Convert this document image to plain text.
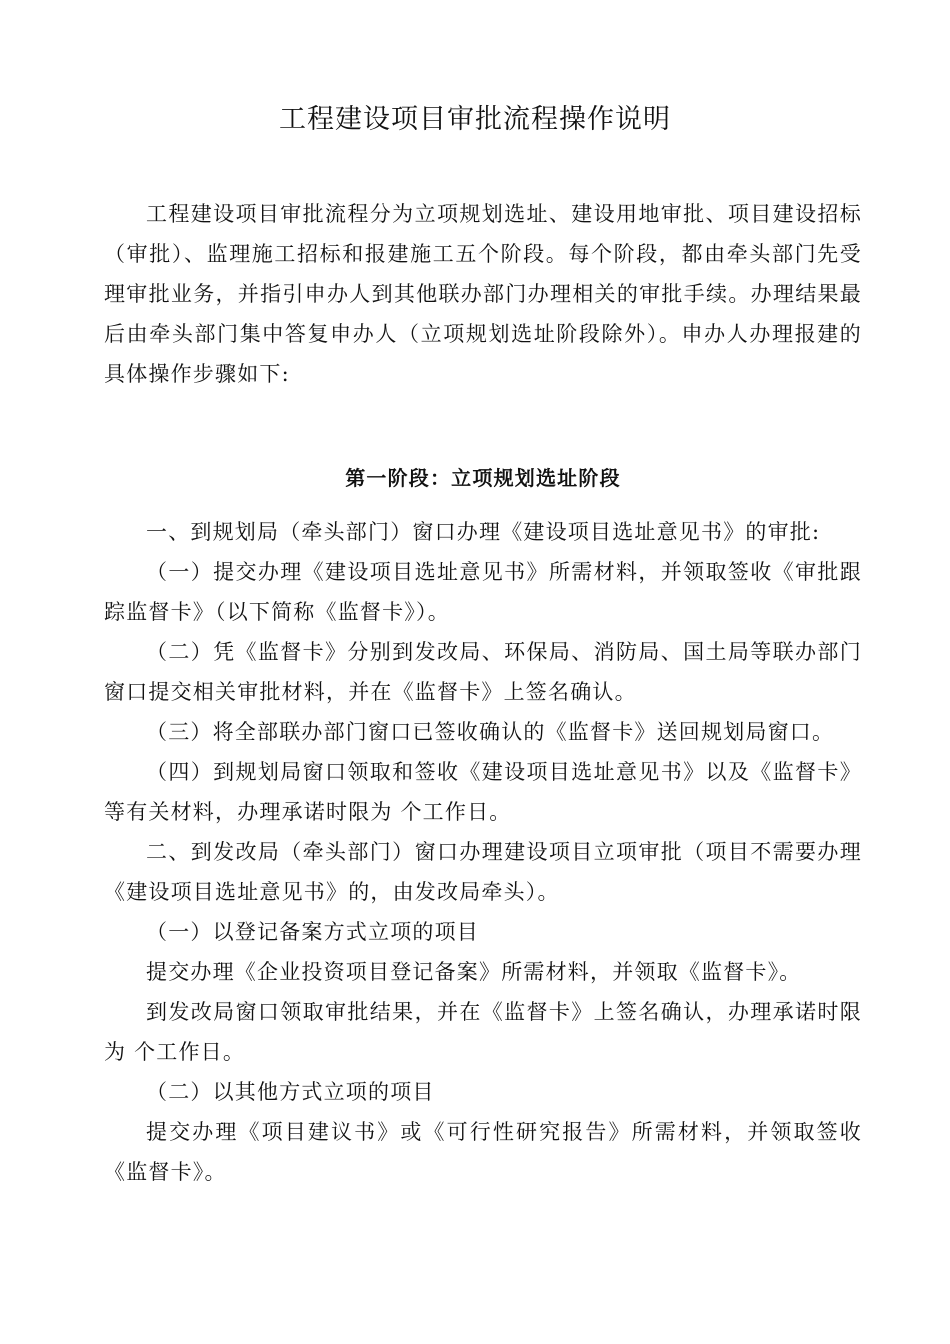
工程建设项目审批流程操作说明

工程建设项目审批流程分为立项规划选址、建设用地审批、项目建设招标（审批）、监理施工招标和报建施工五个阶段。每个阶段，都由牵头部门先受理审批业务，并指引申办人到其他联办部门办理相关的审批手续。办理结果最后由牵头部门集中答复申办人（立项规划选址阶段除外）。申办人办理报建的具体操作步骤如下:

第一阶段：立项规划选址阶段

一、到规划局（牵头部门）窗口办理《建设项目选址意见书》的审批:

（一）提交办理《建设项目选址意见书》所需材料，并领取签收《审批跟踪监督卡》（以下简称《监督卡》）。

（二）凭《监督卡》分别到发改局、环保局、消防局、国土局等联办部门窗口提交相关审批材料，并在《监督卡》上签名确认。

（三）将全部联办部门窗口已签收确认的《监督卡》送回规划局窗口。

（四）到规划局窗口领取和签收《建设项目选址意见书》以及《监督卡》等有关材料，办理承诺时限为 个工作日。

二、到发改局（牵头部门）窗口办理建设项目立项审批（项目不需要办理《建设项目选址意见书》的，由发改局牵头）。

（一）以登记备案方式立项的项目

提交办理《企业投资项目登记备案》所需材料，并领取《监督卡》。

到发改局窗口领取审批结果，并在《监督卡》上签名确认，办理承诺时限为 个工作日。

（二）以其他方式立项的项目

提交办理《项目建议书》或《可行性研究报告》所需材料，并领取签收《监督卡》。
